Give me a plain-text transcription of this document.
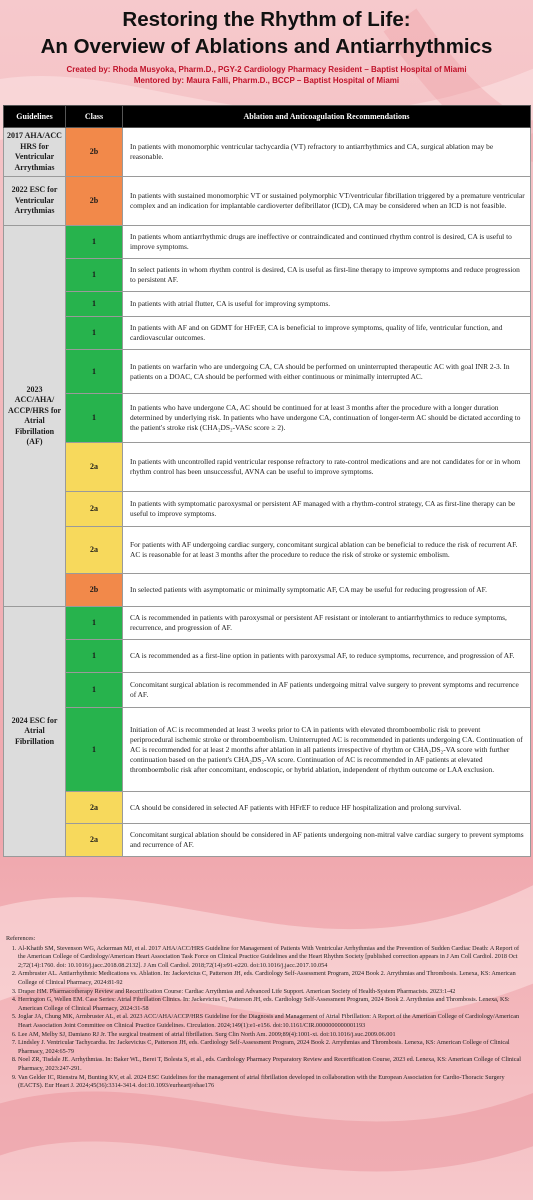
Restoring the Rhythm of Life:
An Overview of Ablations and Antiarrhythmics
Created by: Rhoda Musyoka, Pharm.D., PGY-2 Cardiology Pharmacy Resident – Baptist Hospital of Miami
Mentored by: Maura Falli, Pharm.D., BCCP – Baptist Hospital of Miami
Guidelines	Class	Ablation and Anticoagulation Recommendations
2017 AHA/ACC HRS for Ventricular Arrythmias	2b	In patients with monomorphic ventricular tachycardia (VT) refractory to antiarrhythmics and CA, surgical ablation may be reasonable.
2022 ESC for Ventricular Arrythmias	2b	In patients with sustained monomorphic VT or sustained polymorphic VT/ventricular fibrillation triggered by a premature ventricular complex and an indication for implantable cardioverter defibrillator (ICD), CA may be considered when an ICD is not feasible.
2023 ACC/AHA/ ACCP/HRS for Atrial Fibrillation (AF)	1	In patients whom antiarrhythmic drugs are ineffective or contraindicated and continued rhythm control is desired, CA is useful to improve symptoms.
	1	In select patients in whom rhythm control is desired, CA is useful as first-line therapy to improve symptoms and reduce progression to persistent AF.
	1	In patients with atrial flutter, CA is useful for improving symptoms.
	1	In patients with AF and on GDMT for HFrEF, CA is beneficial to improve symptoms, quality of life, ventricular function, and cardiovascular outcomes.
	1	In patients on warfarin who are undergoing CA, CA should be performed on uninterrupted therapeutic AC with goal INR 2-3. In patients on a DOAC, CA should be performed with either continuous or minimally interrupted AC.
	1	In patients who have undergone CA, AC should be continued for at least 3 months after the procedure with a longer duration determined by underlying risk. In patients who have undergone CA, continuation of longer-term AC should be dictated according to the patient's stroke risk (CHA₂DS₂-VASc score ≥ 2).
	2a	In patients with uncontrolled rapid ventricular response refractory to rate-control medications and are not candidates for or in whom rhythm control has been unsuccessful, AVNA can be useful to improve symptoms.
	2a	In patients with symptomatic paroxysmal or persistent AF managed with a rhythm-control strategy, CA as first-line therapy can be useful to improve symptoms.
	2a	For patients with AF undergoing cardiac surgery, concomitant surgical ablation can be beneficial to reduce the risk of recurrent AF. AC is reasonable for at least 3 months after the procedure to reduce the risk of stroke or systemic embolism.
	2b	In selected patients with asymptomatic or minimally symptomatic AF, CA may be useful for reducing progression of AF.
2024 ESC for Atrial Fibrillation	1	CA is recommended in patients with paroxysmal or persistent AF resistant or intolerant to antiarrhythmics to reduce symptoms, recurrence, and progression of AF.
	1	CA is recommended as a first-line option in patients with paroxysmal AF, to reduce symptoms, recurrence, and progression of AF.
	1	Concomitant surgical ablation is recommended in AF patients undergoing mitral valve surgery to prevent symptoms and recurrence of AF.
	1	Initiation of AC is recommended at least 3 weeks prior to CA in patients with elevated thromboembolic risk to prevent periprocedural ischemic stroke or thromboembolism. Uninterrupted AC is recommended in patients undergoing CA. Continuation of AC is recommended for at least 2 months after ablation in all patients irrespective of rhythm or CHA₂DS₂-VA score with further continuation based on the patient's CHA₂DS₂-VA score. Continuation of AC is recommended in AF patients at elevated thromboembolic risk after concomitant, endoscopic, or hybrid ablation, independent of rhythm outcome or LAA exclusion.
	2a	CA should be considered in selected AF patients with HFrEF to reduce HF hospitalization and prolong survival.
	2a	Concomitant surgical ablation should be considered in AF patients undergoing non-mitral valve cardiac surgery to prevent symptoms and recurrence of AF.
References:
1. Al-Khatib SM, Stevenson WG, Ackerman MJ, et al. 2017 AHA/ACC/HRS Guideline for Management of Patients With Ventricular Arrhythmias and the Prevention of Sudden Cardiac Death: A Report of the American College of Cardiology/American Heart Association Task Force on Clinical Practice Guidelines and the Heart Rhythm Society [published correction appears in J Am Coll Cardiol. 2018 Oct 2;72(14):1760. doi: 10.1016/j.jacc.2018.08.2132]. J Am Coll Cardiol. 2018;72(14):e91-e220. doi:10.1016/j.jacc.2017.10.054
2. Armbruster AL. Antiarrhythmic Medications vs. Ablation. In: Jackevicius C, Patterson JH, eds. Cardiology Self-Assessment Program, 2024 Book 2. Arrythmias and Thrombosis. Lenexa, KS: American College of Clinical Pharmacy, 2024:81-92
3. Draper HM. Pharmacotherapy Review and Recertification Course: Cardiac Arrythmias and Advanced Life Support. American Society of Health-System Pharmacists. 2023:1-42
4. Herrington G, Wellen EM. Case Series: Atrial Fibrillation Clinics. In: Jackevicius C, Patterson JH, eds. Cardiology Self-Assessment Program, 2024 Book 2. Arrythmias and Thrombosis. Lenexa, KS: American College of Clinical Pharmacy, 2024:31-58
5. Joglar JA, Chung MK, Armbruster AL, et al. 2023 ACC/AHA/ACCP/HRS Guideline for the Diagnosis and Management of Atrial Fibrillation: A Report of the American College of Cardiology/American Heart Association Joint Committee on Clinical Practice Guidelines. Circulation. 2024;149(1):e1-e156. doi:10.1161/CIR.0000000000001193
6. Lee AM, Melby SJ, Damiano RJ Jr. The surgical treatment of atrial fibrillation. Surg Clin North Am. 2009;89(4):1001-xi. doi:10.1016/j.suc.2009.06.001
7. Lindsley J. Ventricular Tachycardia. In: Jackevicius C, Patterson JH, eds. Cardiology Self-Assessment Program, 2024 Book 2. Arrythmias and Thrombosis. Lenexa, KS: American College of Clinical Pharmacy, 2024:65-79
8. Noel ZR, Tisdale JE. Arrhythmias. In: Baker WL, Berei T, Bolesta S, et al., eds. Cardiology Pharmacy Preparatory Review and Recertification Course, 2023 ed. Lenexa, KS: American College of Clinical Pharmacy, 2023:247-291.
9. Van Gelder IC, Rienstra M, Bunting KV, et al. 2024 ESC Guidelines for the management of atrial fibrillation developed in collaboration with the European Association for Cardio-Thoracic Surgery (EACTS). Eur Heart J. 2024;45(36):3314-3414. doi:10.1093/eurheartj/ehae176
